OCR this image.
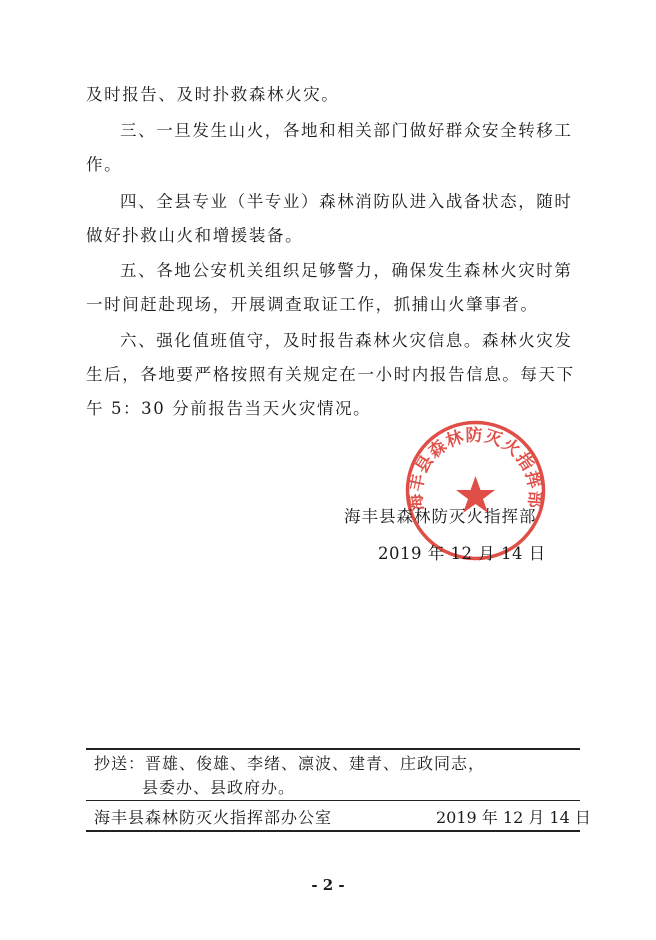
及时报告、及时扑救森林火灾。

三、一旦发生山火，各地和相关部门做好群众安全转移工作。

四、全县专业（半专业）森林消防队进入战备状态，随时做好扑救山火和增援装备。

五、各地公安机关组织足够警力，确保发生森林火灾时第一时间赶赴现场，开展调查取证工作，抓捕山火肇事者。

六、强化值班值守，及时报告森林火灾信息。森林火灾发生后，各地要严格按照有关规定在一小时内报告信息。每天下午 5：30 分前报告当天火灾情况。

海丰县森林防灭火指挥部
海丰县森林防灭火指挥部
2019 年 12 月 14 日
抄送：晋雄、俊雄、李绪、凛波、建青、庄政同志，
县委办、县政府办。
海丰县森林防灭火指挥部办公室	2019 年 12 月 14 日
- 2 -
